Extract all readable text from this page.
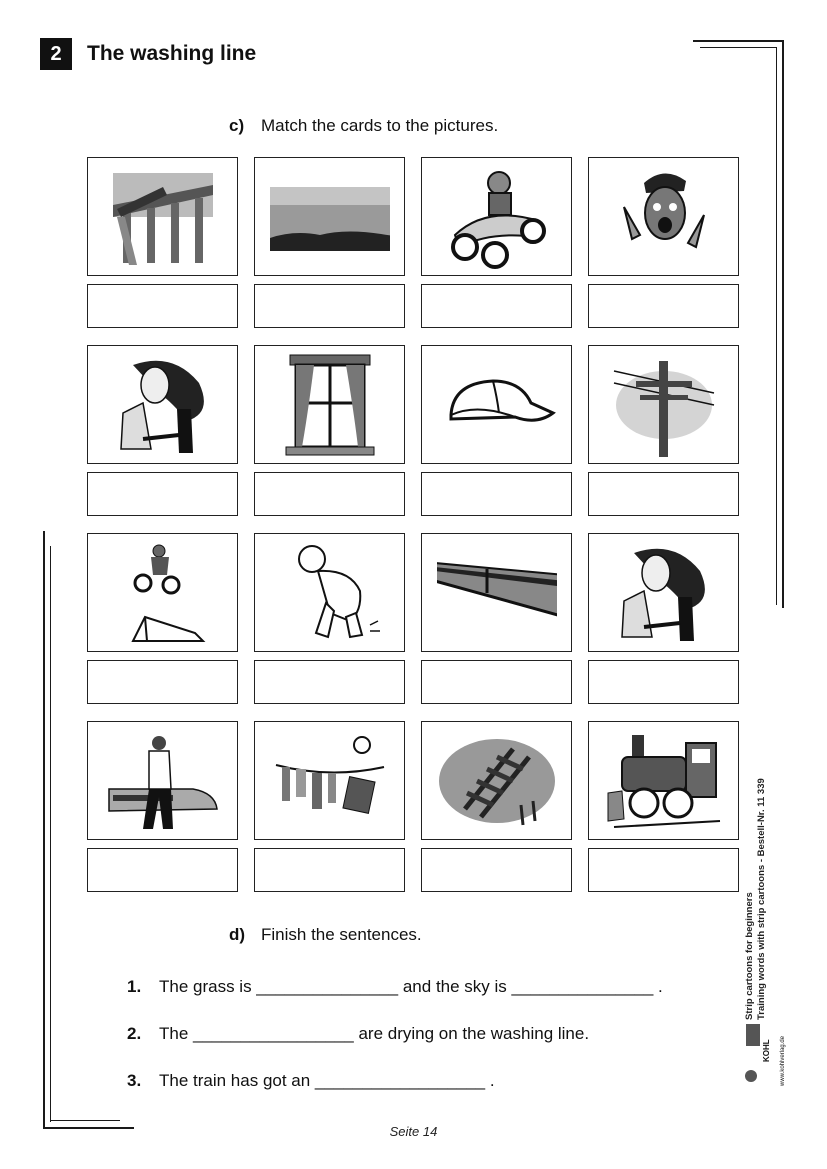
2	The washing line
c) Match the cards to the pictures.
d) Finish the sentences.
1. The grass is _______________ and the sky is _______________ .
2. The _________________ are drying on the washing line.
3. The train has got an __________________ .
Strip cartoons for beginners Training words with strip cartoons - Bestell-Nr. 11 339
KOHL www.kohlverlag.de
Seite 14
